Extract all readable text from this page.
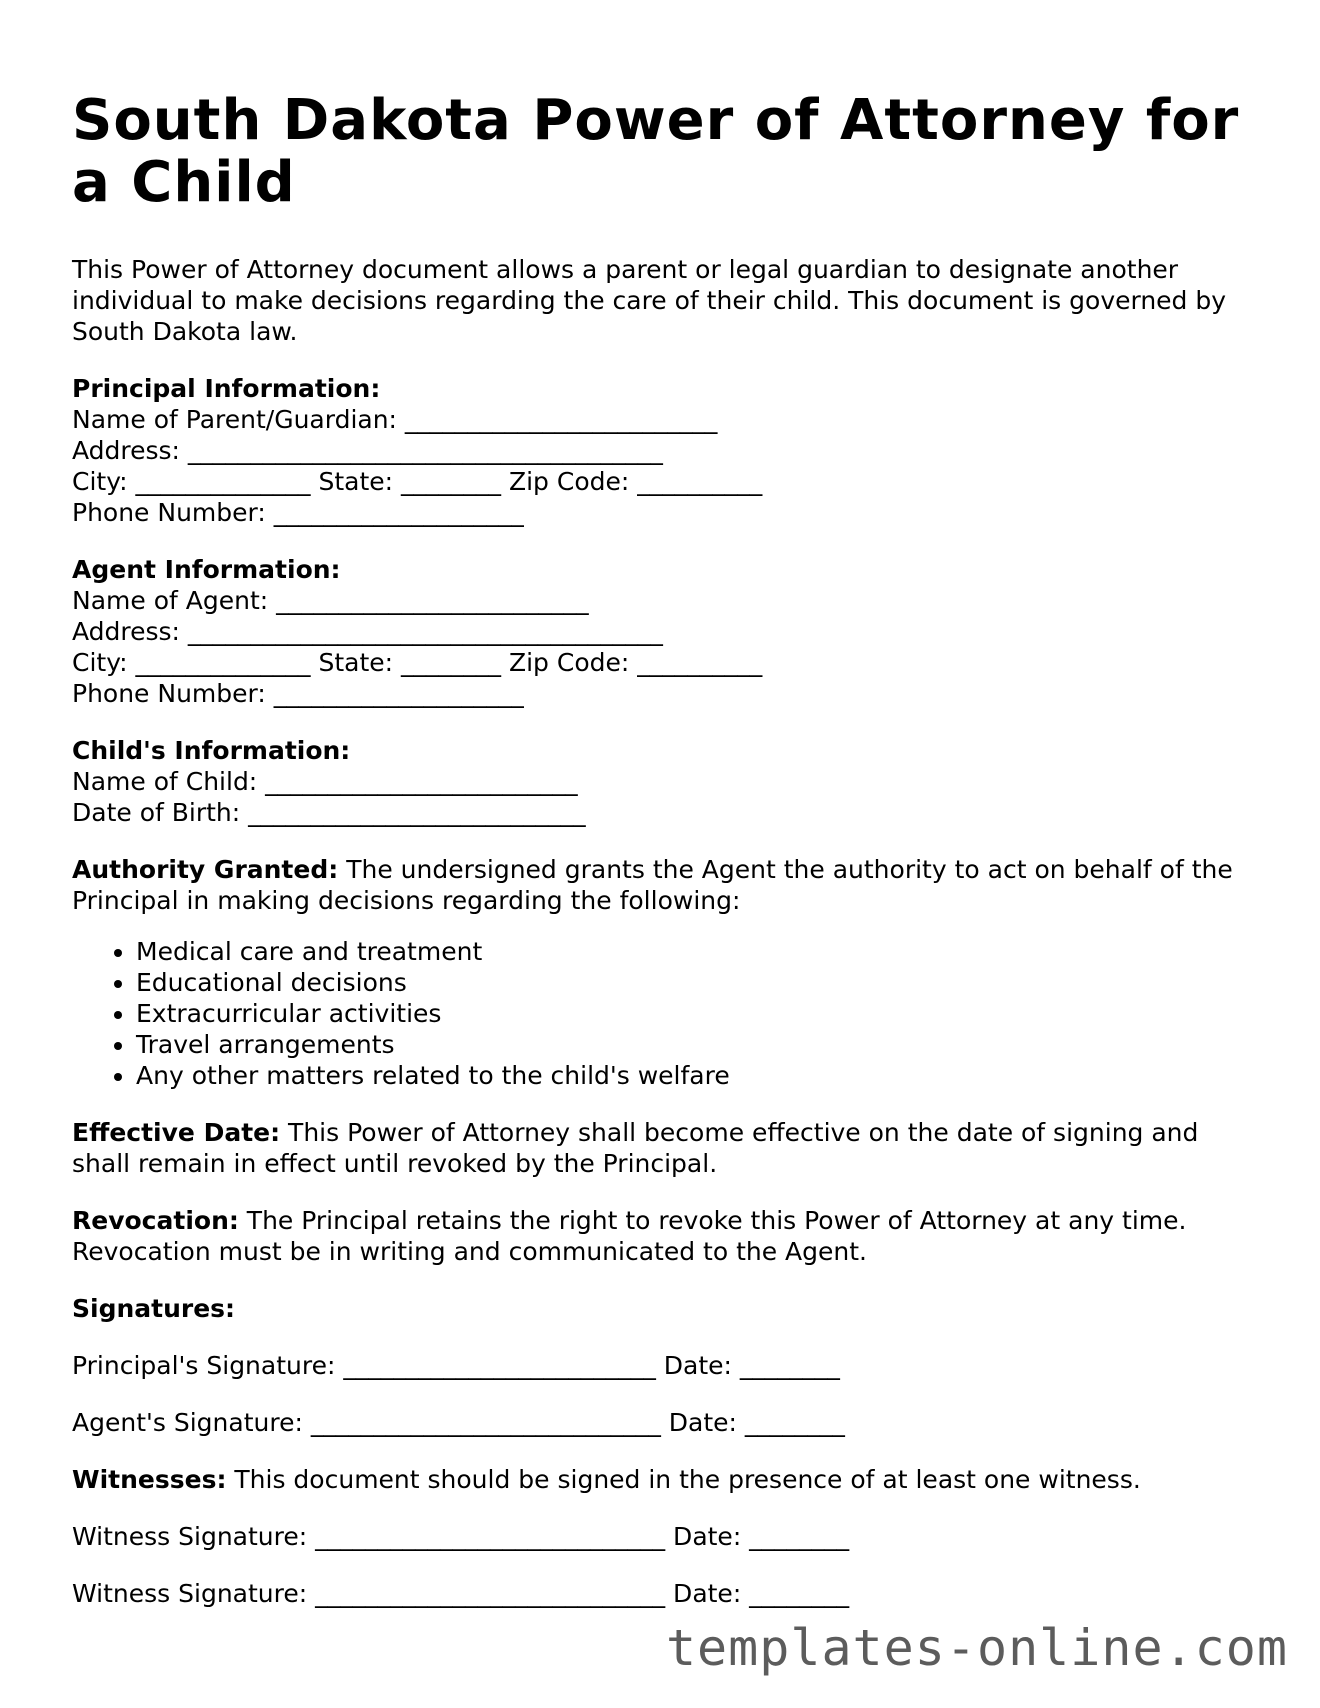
South Dakota Power of Attorney for a Child

This Power of Attorney document allows a parent or legal guardian to designate another individual to make decisions regarding the care of their child. This document is governed by South Dakota law.

Principal Information:

Name of Parent/Guardian: _________________________

Address: ______________________________________

City: ______________ State: ________ Zip Code: __________

Phone Number: ____________________

Agent Information:

Name of Agent: _________________________

Address: ______________________________________

City: ______________ State: ________ Zip Code: __________

Phone Number: ____________________

Child's Information:

Name of Child: _________________________

Date of Birth: ___________________________

Authority Granted: The undersigned grants the Agent the authority to act on behalf of the Principal in making decisions regarding the following:

• Medical care and treatment
• Educational decisions
• Extracurricular activities
• Travel arrangements
• Any other matters related to the child's welfare

Effective Date: This Power of Attorney shall become effective on the date of signing and shall remain in effect until revoked by the Principal.

Revocation: The Principal retains the right to revoke this Power of Attorney at any time. Revocation must be in writing and communicated to the Agent.

Signatures:

Principal's Signature: _________________________ Date: ________

Agent's Signature: ____________________________ Date: ________

Witnesses: This document should be signed in the presence of at least one witness.

Witness Signature: ____________________________ Date: ________

Witness Signature: ____________________________ Date: ________

templates-online.com
